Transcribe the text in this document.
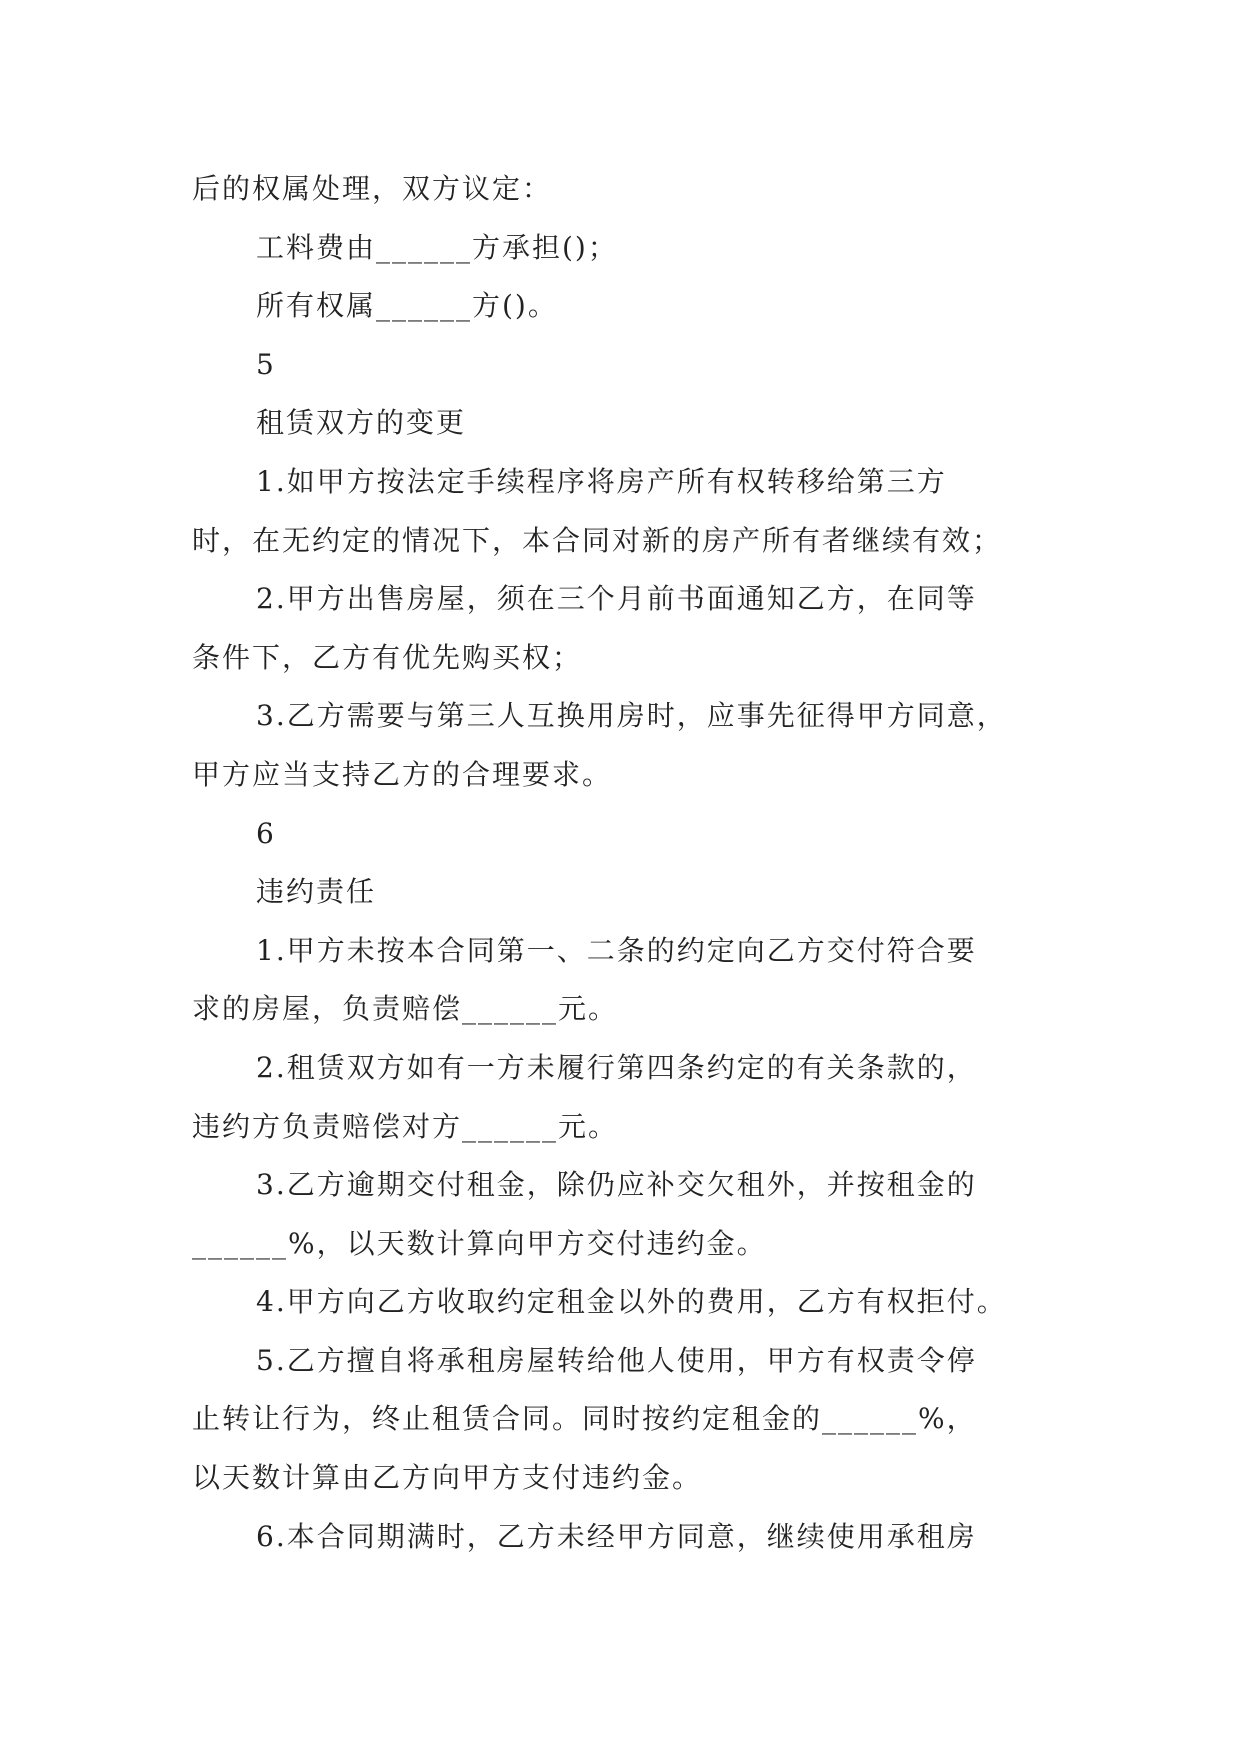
后的权属处理，双方议定：
工料费由______方承担()；
所有权属______方()。
5
租赁双方的变更
1.如甲方按法定手续程序将房产所有权转移给第三方
时，在无约定的情况下，本合同对新的房产所有者继续有效；
2.甲方出售房屋，须在三个月前书面通知乙方，在同等
条件下，乙方有优先购买权；
3.乙方需要与第三人互换用房时，应事先征得甲方同意，
甲方应当支持乙方的合理要求。
6
违约责任
1.甲方未按本合同第一、二条的约定向乙方交付符合要
求的房屋，负责赔偿______元。
2.租赁双方如有一方未履行第四条约定的有关条款的，
违约方负责赔偿对方______元。
3.乙方逾期交付租金，除仍应补交欠租外，并按租金的
______%，以天数计算向甲方交付违约金。
4.甲方向乙方收取约定租金以外的费用，乙方有权拒付。
5.乙方擅自将承租房屋转给他人使用，甲方有权责令停
止转让行为，终止租赁合同。同时按约定租金的______%，
以天数计算由乙方向甲方支付违约金。
6.本合同期满时，乙方未经甲方同意，继续使用承租房
